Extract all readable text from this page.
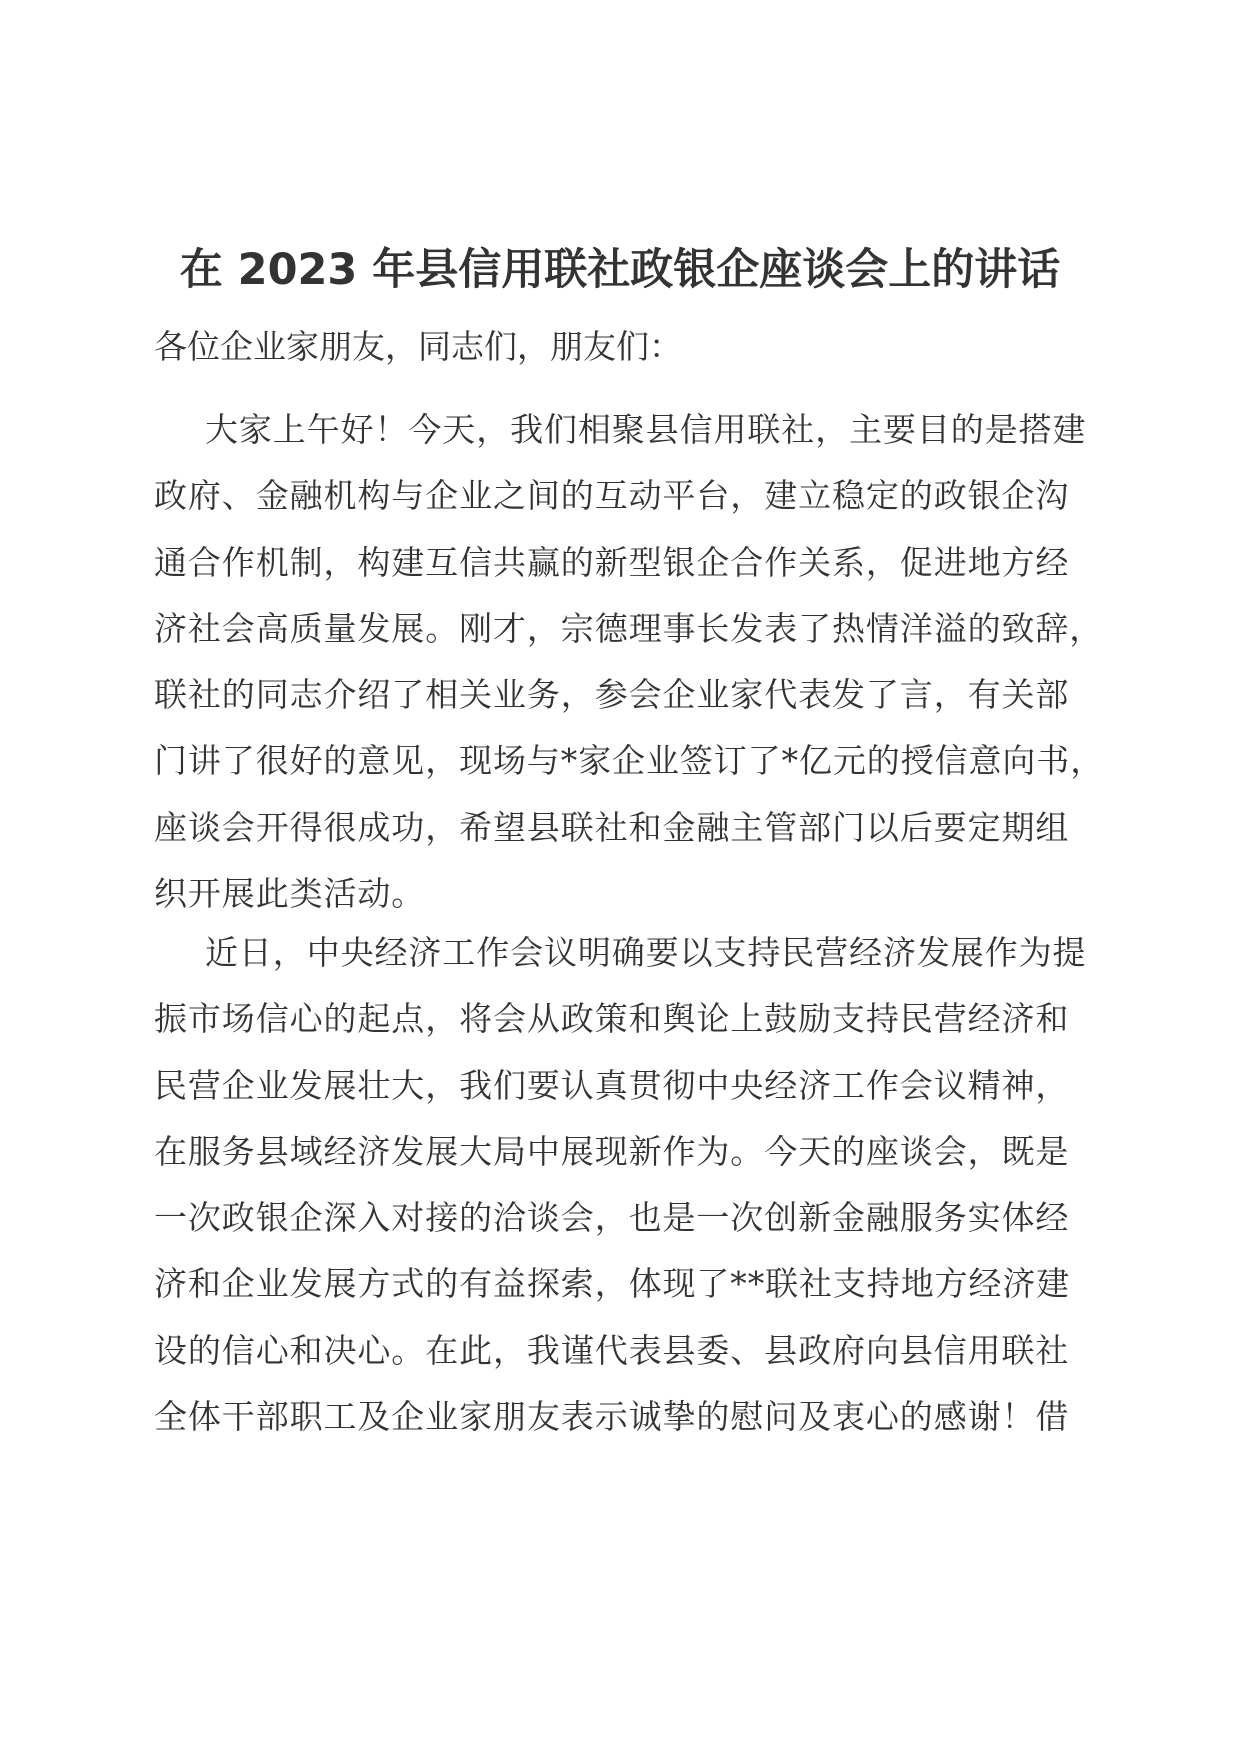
在 2023 年县信用联社政银企座谈会上的讲话

各位企业家朋友，同志们，朋友们：

大家上午好！今天，我们相聚县信用联社，主要目的是搭建
政府、金融机构与企业之间的互动平台，建立稳定的政银企沟
通合作机制，构建互信共赢的新型银企合作关系，促进地方经
济社会高质量发展。刚才，宗德理事长发表了热情洋溢的致辞，
联社的同志介绍了相关业务，参会企业家代表发了言，有关部
门讲了很好的意见，现场与*家企业签订了*亿元的授信意向书，
座谈会开得很成功，希望县联社和金融主管部门以后要定期组
织开展此类活动。
近日，中央经济工作会议明确要以支持民营经济发展作为提
振市场信心的起点，将会从政策和舆论上鼓励支持民营经济和
民营企业发展壮大，我们要认真贯彻中央经济工作会议精神，
在服务县域经济发展大局中展现新作为。今天的座谈会，既是
一次政银企深入对接的洽谈会，也是一次创新金融服务实体经
济和企业发展方式的有益探索，体现了**联社支持地方经济建
设的信心和决心。在此，我谨代表县委、县政府向县信用联社
全体干部职工及企业家朋友表示诚挚的慰问及衷心的感谢！借
